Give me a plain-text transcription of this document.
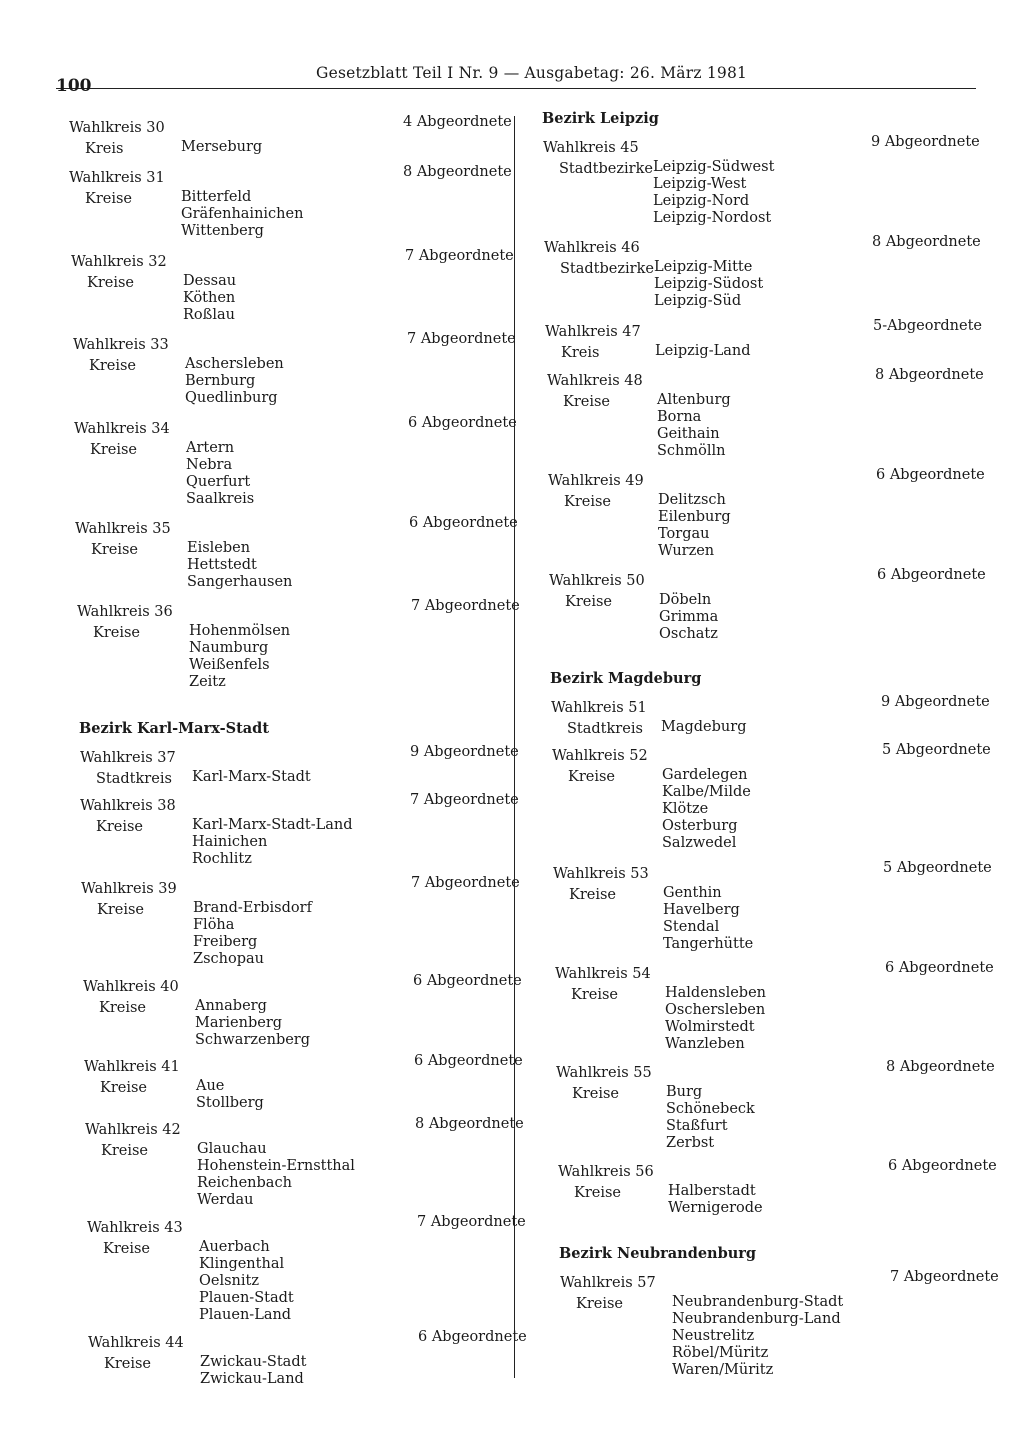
100
Gesetzblatt Teil I Nr. 9 — Ausgabetag: 26. März 1981
Wahlkreis 30
Kreis	Merseburg
4 Abgeordnete
Wahlkreis 31
Kreise	Bitterfeld
Gräfenhainichen
Wittenberg
8 Abgeordnete
Wahlkreis 32
Kreise	Dessau
Köthen
Roßlau
7 Abgeordnete
Wahlkreis 33
Kreise	Aschersleben
Bernburg
Quedlinburg
7 Abgeordnete
Wahlkreis 34
Kreise	Artern
Nebra
Querfurt
Saalkreis
6 Abgeordnete
Wahlkreis 35
Kreise	Eisleben
Hettstedt
Sangerhausen
6 Abgeordnete
Wahlkreis 36
Kreise	Hohenmölsen
Naumburg
Weißenfels
Zeitz
7 Abgeordnete
Bezirk Karl-Marx-Stadt
Wahlkreis 37
Stadtkreis Karl-Marx-Stadt
9 Abgeordnete
Wahlkreis 38
Kreise	Karl-Marx-Stadt-Land
Hainichen
Rochlitz
7 Abgeordnete
Wahlkreis 39
Kreise	Brand-Erbisdorf
Flöha
Freiberg
Zschopau
7 Abgeordnete
Wahlkreis 40
Kreise	Annaberg
Marienberg
Schwarzenberg
6 Abgeordnete
Wahlkreis 41
Kreise	Aue
Stollberg
6 Abgeordnete
Wahlkreis 42
Kreise	Glauchau
Hohenstein-Ernstthal
Reichenbach
Werdau
8 Abgeordnete
Wahlkreis 43
Kreise	Auerbach
Klingenthal
Oelsnitz
Plauen-Stadt
Plauen-Land
7 Abgeordnete
Wahlkreis 44
Kreise	Zwickau-Stadt
Zwickau-Land
6 Abgeordnete
Bezirk Leipzig
Wahlkreis 45
Stadtbezirke Leipzig-Südwest
Leipzig-West
Leipzig-Nord
Leipzig-Nordost
9 Abgeordnete
Wahlkreis 46
Stadtbezirke Leipzig-Mitte
Leipzig-Südost
Leipzig-Süd
8 Abgeordnete
Wahlkreis 47
Kreis	Leipzig-Land
5-Abgeordnete
Wahlkreis 48
Kreise	Altenburg
Borna
Geithain
Schmölln
8 Abgeordnete
Wahlkreis 49
Kreise	Delitzsch
Eilenburg
Torgau
Wurzen
6 Abgeordnete
Wahlkreis 50
Kreise	Döbeln
Grimma
Oschatz
6 Abgeordnete
Bezirk Magdeburg
Wahlkreis 51
Stadtkreis Magdeburg
9 Abgeordnete
Wahlkreis 52
Kreise	Gardelegen
Kalbe/Milde
Klötze
Osterburg
Salzwedel
5 Abgeordnete
Wahlkreis 53
Kreise	Genthin
Havelberg
Stendal
Tangerhütte
5 Abgeordnete
Wahlkreis 54
Kreise	Haldensleben
Oschersleben
Wolmirstedt
Wanzleben
6 Abgeordnete
Wahlkreis 55
Kreise	Burg
Schönebeck
Staßfurt
Zerbst
8 Abgeordnete
Wahlkreis 56
Kreise	Halberstadt
Wernigerode
6 Abgeordnete
Bezirk Neubrandenburg
Wahlkreis 57
Kreise	Neubrandenburg-Stadt
Neubrandenburg-Land
Neustrelitz
Röbel/Müritz
Waren/Müritz
7 Abgeordnete
